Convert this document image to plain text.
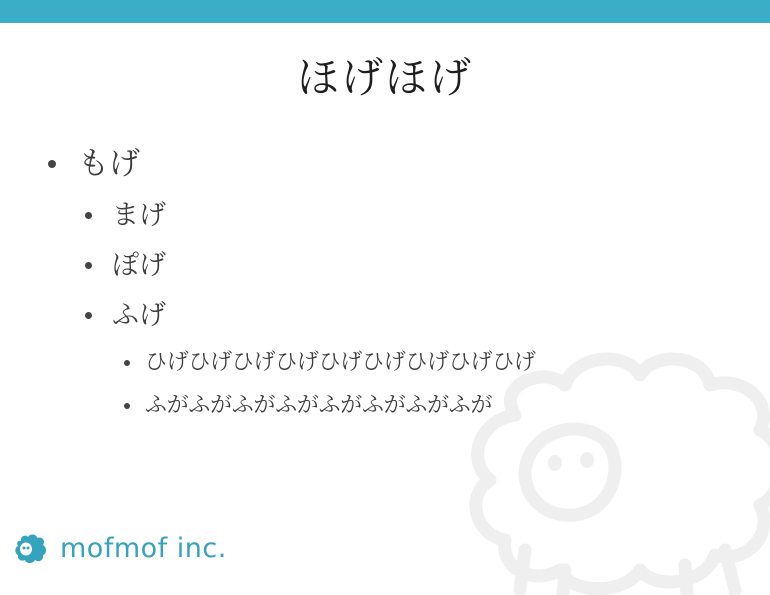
ほげほげ
もげ
まげ
ぽげ
ふげ
ひげひげひげひげひげひげひげひげひげ
ふがふがふがふがふがふがふがふが
mofmof inc.
